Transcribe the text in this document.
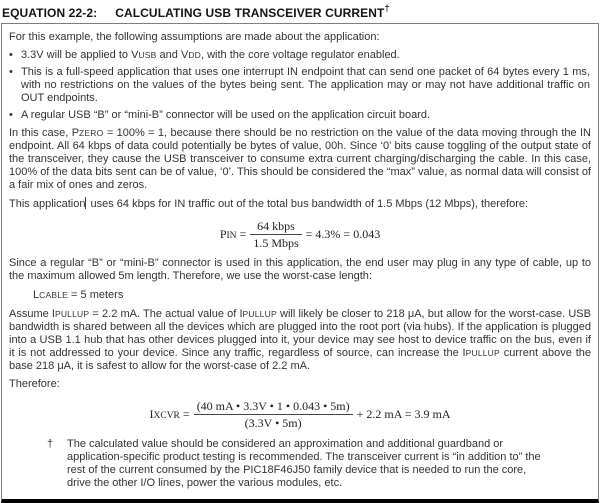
EQUATION 22-2: CALCULATING USB TRANSCEIVER CURRENT†

For this example, the following assumptions are made about the application:

• 3.3V will be applied to VUSB and VDD, with the core voltage regulator enabled.
• This is a full-speed application that uses one interrupt IN endpoint that can send one packet of 64 bytes every 1 ms, with no restrictions on the values of the bytes being sent. The application may or may not have additional traffic on OUT endpoints.
• A regular USB “B” or “mini-B” connector will be used on the application circuit board.

In this case, PZERO = 100% = 1, because there should be no restriction on the value of the data moving through the IN endpoint. All 64 kbps of data could potentially be bytes of value, 00h. Since ‘0’ bits cause toggling of the output state of the transceiver, they cause the USB transceiver to consume extra current charging/discharging the cable. In this case, 100% of the data bits sent can be of value, ‘0’. This should be considered the “max” value, as normal data will consist of a fair mix of ones and zeros.

This application uses 64 kbps for IN traffic out of the total bus bandwidth of 1.5 Mbps (12 Mbps), therefore:

PIN = $\frac{\text{64 kbps}}{\text{1.5 Mbps}} = 4.3\% = 0.043$

Since a regular “B” or “mini-B” connector is used in this application, the end user may plug in any type of cable, up to the maximum allowed 5m length. Therefore, we use the worst-case length:

LCABLE = 5 meters

Assume IPULLUP = 2.2 mA. The actual value of IPULLUP will likely be closer to 218 μA, but allow for the worst-case. USB bandwidth is shared between all the devices which are plugged into the root port (via hubs). If the application is plugged into a USB 1.1 hub that has other devices plugged into it, your device may see host to device traffic on the bus, even if it is not addressed to your device. Since any traffic, regardless of source, can increase the IPULLUP current above the base 218 μA, it is safest to allow for the worst-case of 2.2 mA.

Therefore:

IXCVR = $\frac{(40 mA • 3.3V • 1 • 0.043 • 5m)}{(3.3V • 5m)} + 2.2$ mA = 3.9 mA
†	The calculated value should be considered an approximation and additional guardband or application-specific product testing is recommended. The transceiver current is “in addition to” the rest of the current consumed by the PIC18F46J50 family device that is needed to run the core, drive the other I/O lines, power the various modules, etc.
